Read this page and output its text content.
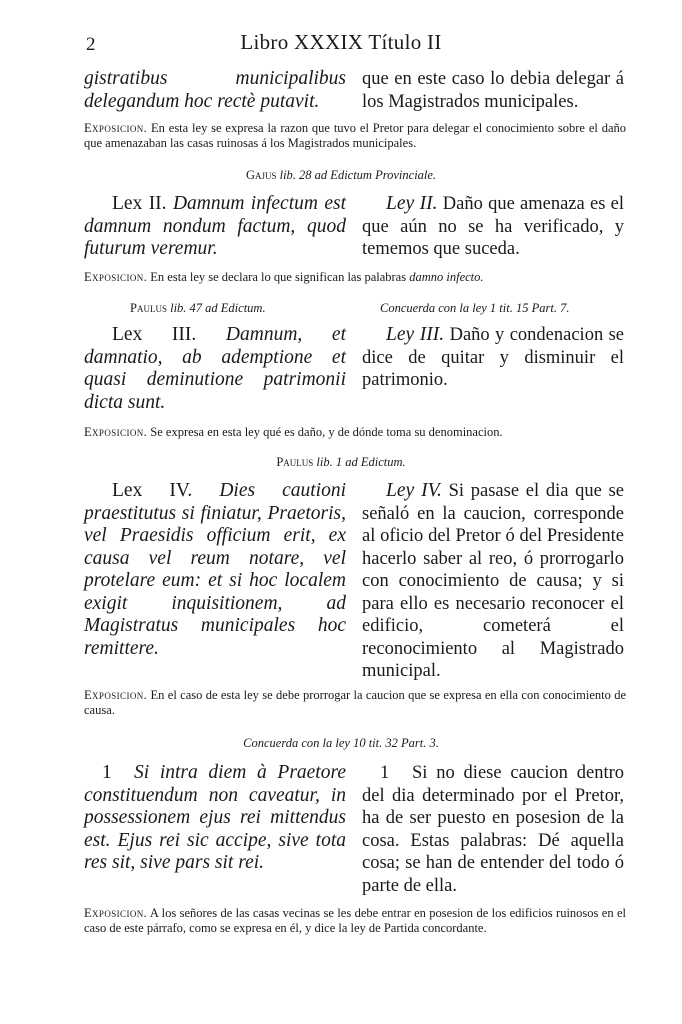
2	Libro XXXIX Título II
gistratibus municipalibus delegandum hoc rectè putavit.
que en este caso lo debia delegar á los Magistrados municipales.
Exposicion. En esta ley se expresa la razon que tuvo el Pretor para delegar el conocimiento sobre el daño que amenazaban las casas ruinosas á los Magistrados municipales.
Gajus lib. 28 ad Edictum Provinciale.
Lex II. Damnum infectum est damnum nondum factum, quod futurum veremur.
Ley II. Daño que amenaza es el que aún no se ha verificado, y tememos que suceda.
Exposicion. En esta ley se declara lo que significan las palabras damno infecto.
Paulus lib. 47 ad Edictum.	Concuerda con la ley 1 tit. 15 Part. 7.
Lex III. Damnum, et damnatio, ab ademptione et quasi deminutione patrimonii dicta sunt.
Ley III. Daño y condenacion se dice de quitar y disminuir el patrimonio.
Exposicion. Se expresa en esta ley qué es daño, y de dónde toma su denominacion.
Paulus lib. 1 ad Edictum.
Lex IV. Dies cautioni praestitutus si finiatur, Praetoris, vel Praesidis officium erit, ex causa vel reum notare, vel protelare eum: et si hoc localem exigit inquisitionem, ad Magistratus municipales hoc remittere.
Ley IV. Si pasase el dia que se señaló en la caucion, corresponde al oficio del Pretor ó del Presidente hacerlo saber al reo, ó prorrogarlo con conocimiento de causa; y si para ello es necesario reconocer el edificio, cometerá el reconocimiento al Magistrado municipal.
Exposicion. En el caso de esta ley se debe prorrogar la caucion que se expresa en ella con conocimiento de causa.
Concuerda con la ley 10 tit. 32 Part. 3.
1 Si intra diem à Praetore constituendum non caveatur, in possessionem ejus rei mittendus est. Ejus rei sic accipe, sive tota res sit, sive pars sit rei.
1 Si no diese caucion dentro del dia determinado por el Pretor, ha de ser puesto en posesion de la cosa. Estas palabras: Dé aquella cosa; se han de entender del todo ó parte de ella.
Exposicion. A los señores de las casas vecinas se les debe entrar en posesion de los edificios ruinosos en el caso de este párrafo, como se expresa en él, y dice la ley de Partida concordante.
